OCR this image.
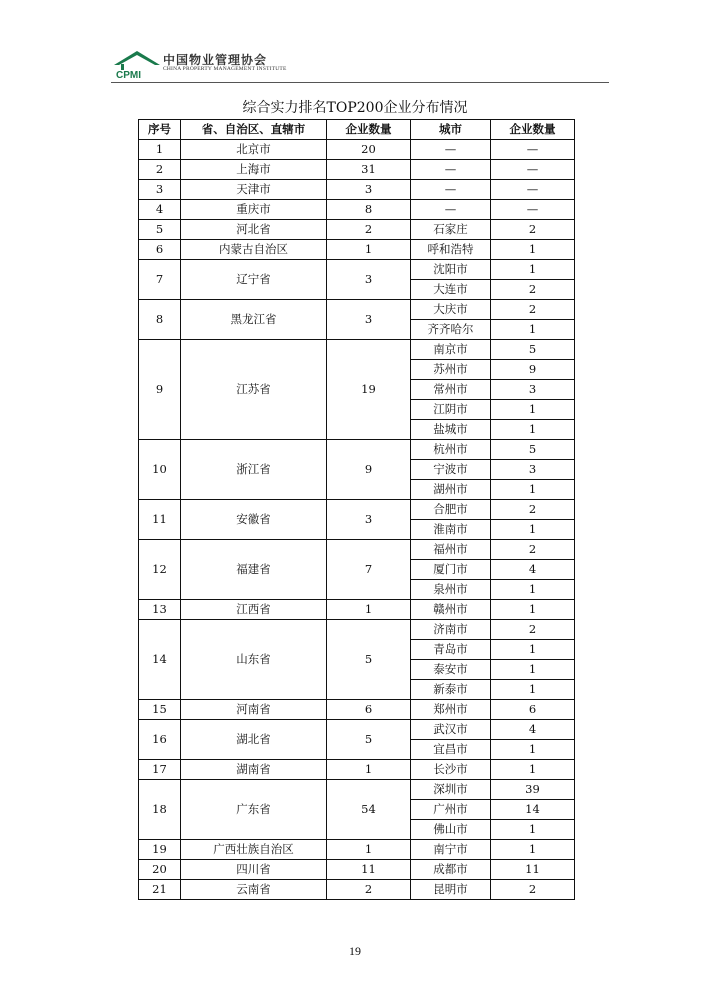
CPMI
中国物业管理协会
CHINA PROPERTY MANAGEMENT INSTITUTE
综合实力排名TOP200企业分布情况
序号	省、自治区、直辖市	企业数量	城市	企业数量
1	北京市	20	—	—
2	上海市	31	—	—
3	天津市	3	—	—
4	重庆市	8	—	—
5	河北省	2	石家庄	2
6	内蒙古自治区	1	呼和浩特	1
7	辽宁省	3	沈阳市	1
			大连市	2
8	黑龙江省	3	大庆市	2
			齐齐哈尔	1
9	江苏省	19	南京市	5
			苏州市	9
			常州市	3
			江阴市	1
			盐城市	1
10	浙江省	9	杭州市	5
			宁波市	3
			湖州市	1
11	安徽省	3	合肥市	2
			淮南市	1
12	福建省	7	福州市	2
			厦门市	4
			泉州市	1
13	江西省	1	赣州市	1
14	山东省	5	济南市	2
			青岛市	1
			泰安市	1
			新泰市	1
15	河南省	6	郑州市	6
16	湖北省	5	武汉市	4
			宜昌市	1
17	湖南省	1	长沙市	1
18	广东省	54	深圳市	39
			广州市	14
			佛山市	1
19	广西壮族自治区	1	南宁市	1
20	四川省	11	成都市	11
21	云南省	2	昆明市	2
19
